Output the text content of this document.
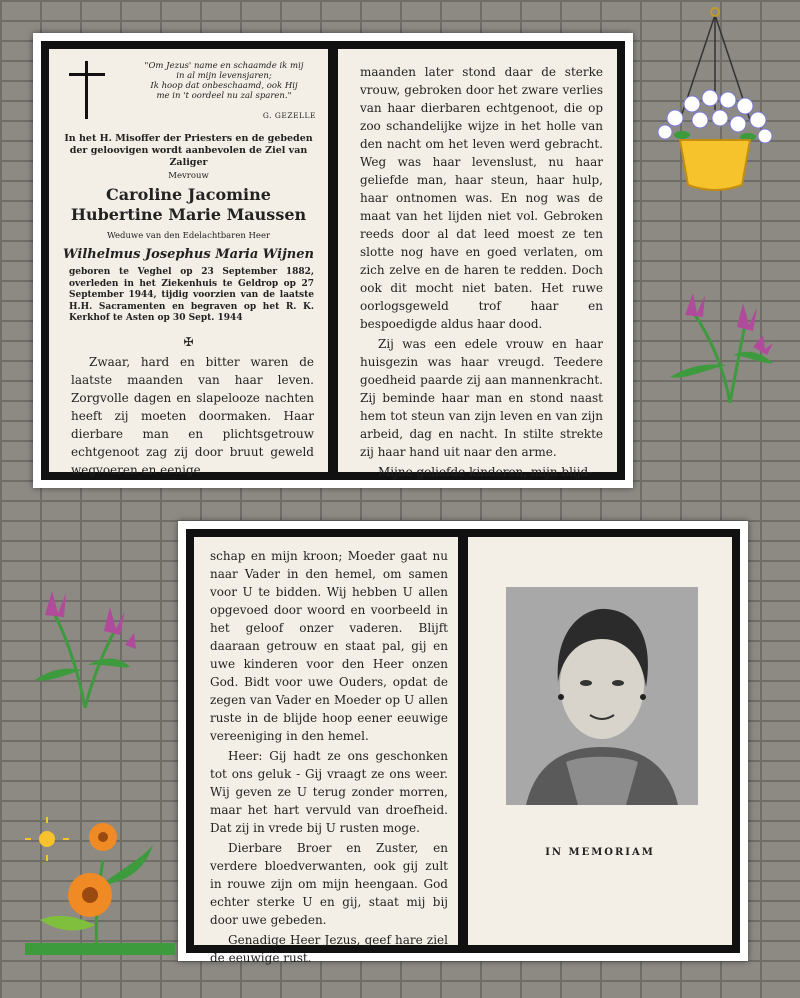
"Om Jezus' name en schaamde ik mij
in al mijn levensjaren;
Ik hoop dat onbeschaamd, ook Hij
me in 't oordeel nu zal sparen."
G. GEZELLE
In het H. Misoffer der Priesters en de gebeden der geloovigen wordt aanbevolen de Ziel van Zaliger
Mevrouw
Caroline Jacomine
Hubertine Marie Maussen
Weduwe van den Edelachtbaren Heer
Wilhelmus Josephus Maria Wijnen
geboren te Veghel op 23 September 1882, overleden in het Ziekenhuis te Geldrop op 27 September 1944, tijdig voorzien van de laatste H.H. Sacramenten en begraven op het R. K. Kerkhof te Asten op 30 Sept. 1944
✠

Zwaar, hard en bitter waren de laatste maanden van haar leven. Zorgvolle dagen en slapelooze nachten heeft zij moeten doormaken. Haar dierbare man en plichtsgetrouw echtgenoot zag zij door bruut geweld wegvoeren en eenige

maanden later stond daar de sterke vrouw, gebroken door het zware verlies van haar dierbaren echtgenoot, die op zoo schandelijke wijze in het holle van den nacht om het leven werd gebracht. Weg was haar levenslust, nu haar geliefde man, haar steun, haar hulp, haar ontnomen was. En nog was de maat van het lijden niet vol. Gebroken reeds door al dat leed moest ze ten slotte nog have en goed verlaten, om zich zelve en de haren te redden. Doch ook dit mocht niet baten. Het ruwe oorlogsgeweld trof haar en bespoedigde aldus haar dood.

Zij was een edele vrouw en haar huisgezin was haar vreugd. Teedere goedheid paarde zij aan mannenkracht. Zij beminde haar man en stond naast hem tot steun van zijn leven en van zijn arbeid, dag en nacht. In stilte strekte zij haar hand uit naar den arme.

Mijne geliefde kinderen, mijn blijd-

schap en mijn kroon; Moeder gaat nu naar Vader in den hemel, om samen voor U te bidden. Wij hebben U allen opgevoed door woord en voorbeeld in het geloof onzer vaderen. Blijft daaraan getrouw en staat pal, gij en uwe kinderen voor den Heer onzen God. Bidt voor uwe Ouders, opdat de zegen van Vader en Moeder op U allen ruste in de blijde hoop eener eeuwige vereeniging in den hemel.

Heer: Gij hadt ze ons geschonken tot ons geluk - Gij vraagt ze ons weer. Wij geven ze U terug zonder morren, maar het hart vervuld van droefheid. Dat zij in vrede bij U rusten moge.

Dierbare Broer en Zuster, en verdere bloedverwanten, ook gij zult in rouwe zijn om mijn heengaan. God echter sterke U en gij, staat mij bij door uwe gebeden.

Genadige Heer Jezus, geef hare ziel de eeuwige rust.

IN MEMORIAM
